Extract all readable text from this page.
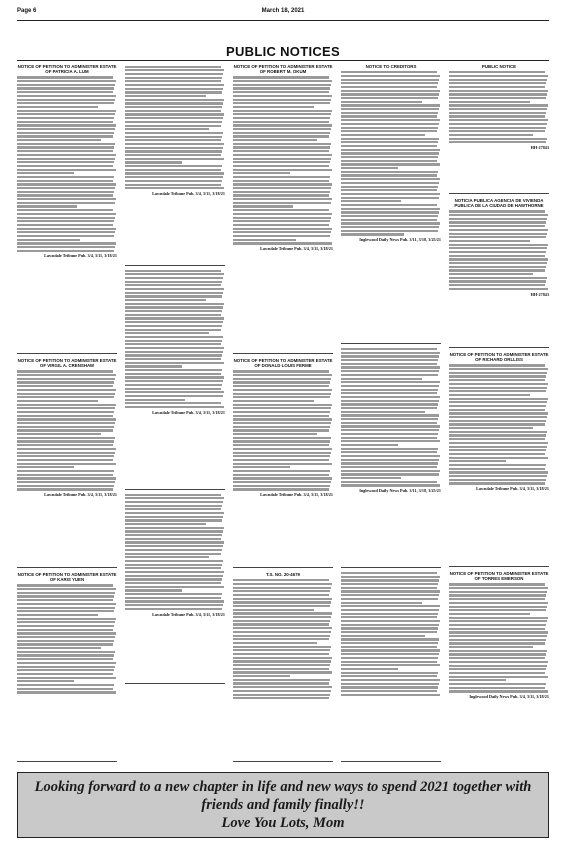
Page 6	March 18, 2021
PUBLIC NOTICES
NOTICE OF PETITION TO ADMINISTER ESTATE OF PATRICIA A. LUM
Lawndale Tribune Pub. 3/4, 3/11, 3/18/21
NOTICE OF PETITION TO ADMINISTER ESTATE OF VIRGIL A. CRENSHAW
Lawndale Tribune Pub. 3/4, 3/11, 3/18/21
NOTICE OF PETITION TO ADMINISTER ESTATE OF KARIS YUEN
Lawndale Tribune Pub. 3/4, 3/11, 3/18/21
Lawndale Tribune Pub. 3/4, 3/11, 3/18/21
Lawndale Tribune Pub. 3/4, 3/11, 3/18/21
NOTICE OF PETITION TO ADMINISTER ESTATE OF ROBERT M. OKUM
Lawndale Tribune Pub. 3/4, 3/11, 3/18/21
NOTICE OF PETITION TO ADMINISTER ESTATE OF DONALD LOUIS FERME
Lawndale Tribune Pub. 3/4, 3/11, 3/18/21
T.S. NO. 20-4679
NOTICE TO CREDITORS
Inglewood Daily News Pub. 3/11, 3/18, 3/25/21
Inglewood Daily News Pub. 3/11, 3/18, 3/25/21
PUBLIC NOTICE
HH-27843
NOTICIA PUBLICA AGENCIA DE VIVIENDA PUBLICA DE LA CIUDAD DE HAWTHORNE
HH-27843
NOTICE OF PETITION TO ADMINISTER ESTATE OF RICHARD ORLLISS
Lawndale Tribune Pub. 3/4, 3/11, 3/18/21
NOTICE OF PETITION TO ADMINISTER ESTATE OF TORRES EMERSON
Inglewood Daily News Pub. 3/4, 3/11, 3/18/21
Looking forward to a new chapter in life and new ways to spend 2021 together with
friends and family finally!!
Love You Lots, Mom
